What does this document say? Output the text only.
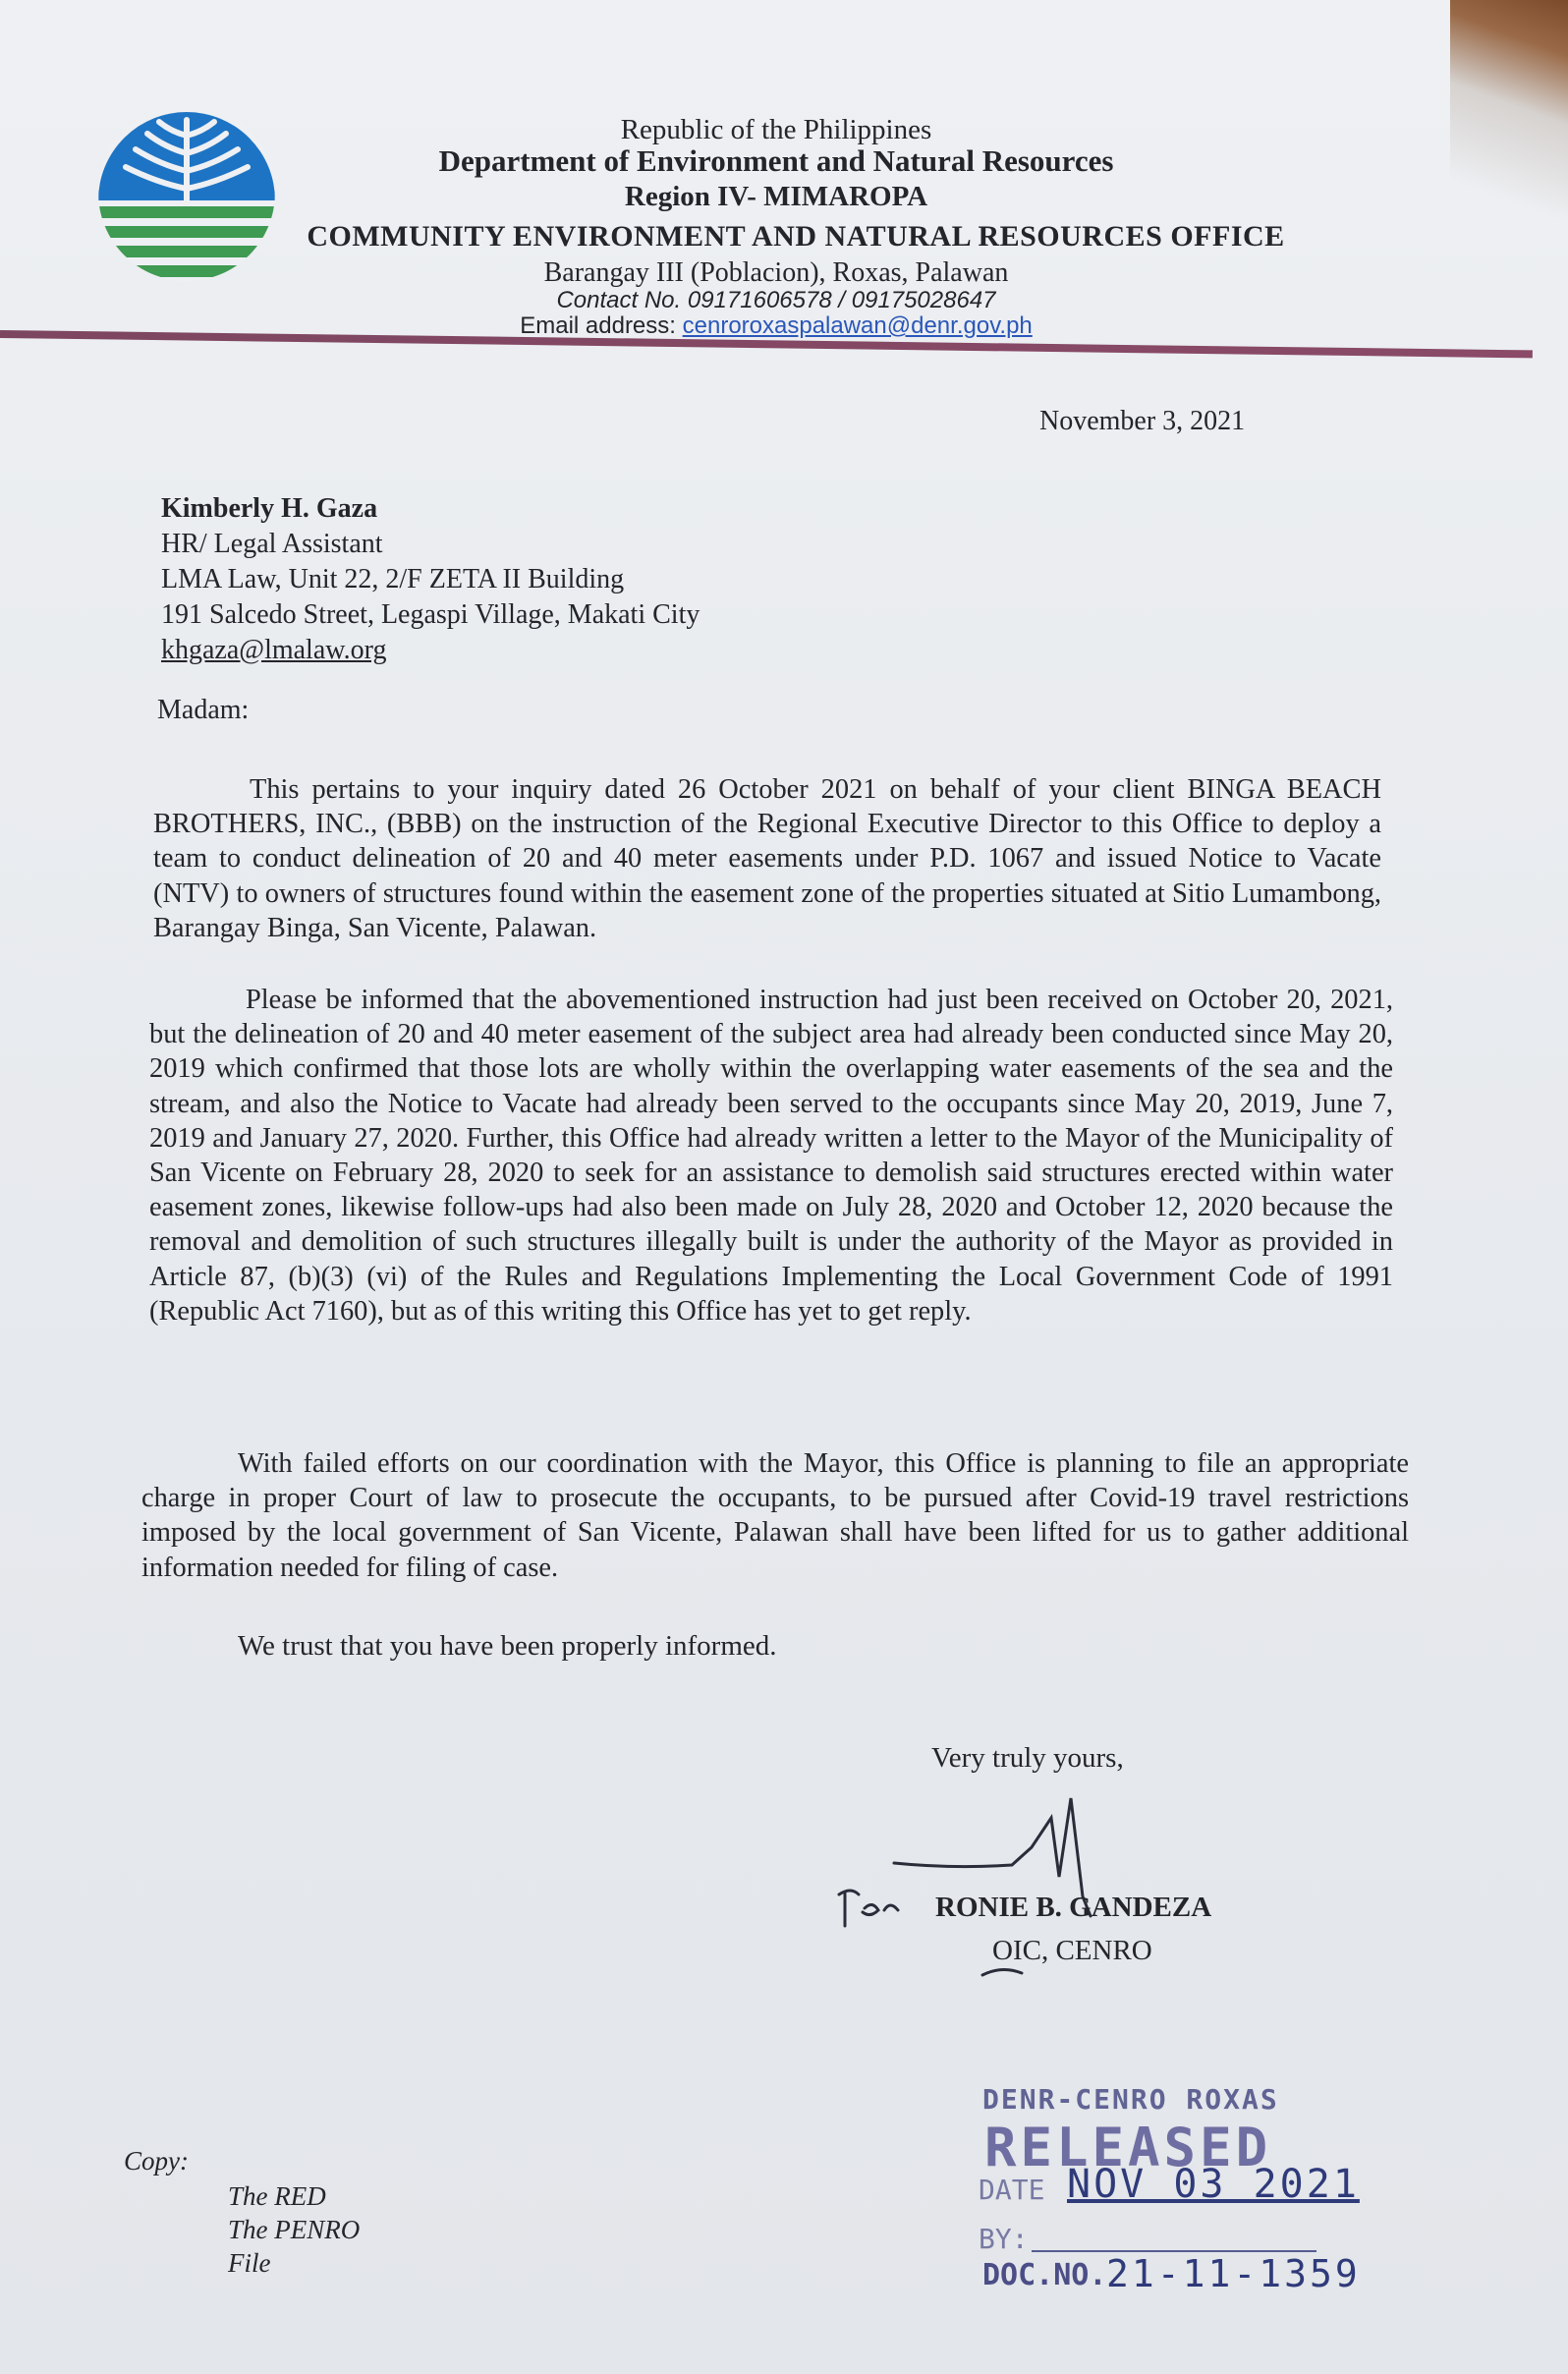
Republic of the Philippines
Department of Environment and Natural Resources
Region IV- MIMAROPA
COMMUNITY ENVIRONMENT AND NATURAL RESOURCES OFFICE
Barangay III (Poblacion), Roxas, Palawan
Contact No. 09171606578 / 09175028647
Email address: cenroroxaspalawan@denr.gov.ph
November 3, 2021
Kimberly H. Gaza
HR/ Legal Assistant
LMA Law, Unit 22, 2/F ZETA II Building
191 Salcedo Street, Legaspi Village, Makati City
khgaza@lmalaw.org
Madam:
This pertains to your inquiry dated 26 October 2021 on behalf of your client BINGA BEACH BROTHERS, INC., (BBB) on the instruction of the Regional Executive Director to this Office to deploy a team to conduct delineation of 20 and 40 meter easements under P.D. 1067 and issued Notice to Vacate (NTV) to owners of structures found within the easement zone of the properties situated at Sitio Lumambong, Barangay Binga, San Vicente, Palawan.
Please be informed that the abovementioned instruction had just been received on October 20, 2021, but the delineation of 20 and 40 meter easement of the subject area had already been conducted since May 20, 2019 which confirmed that those lots are wholly within the overlapping water easements of the sea and the stream, and also the Notice to Vacate had already been served to the occupants since May 20, 2019, June 7, 2019 and January 27, 2020. Further, this Office had already written a letter to the Mayor of the Municipality of San Vicente on February 28, 2020 to seek for an assistance to demolish said structures erected within water easement zones, likewise follow-ups had also been made on July 28, 2020 and October 12, 2020 because the removal and demolition of such structures illegally built is under the authority of the Mayor as provided in Article 87, (b)(3) (vi) of the Rules and Regulations Implementing the Local Government Code of 1991 (Republic Act 7160), but as of this writing this Office has yet to get reply.
With failed efforts on our coordination with the Mayor, this Office is planning to file an appropriate charge in proper Court of law to prosecute the occupants, to be pursued after Covid-19 travel restrictions imposed by the local government of San Vicente, Palawan shall have been lifted for us to gather additional information needed for filing of case.
We trust that you have been properly informed.
Very truly yours,
RONIE B. GANDEZA
OIC, CENRO
Copy:
The RED
The PENRO
File
DENR-CENRO ROXAS
RELEASED
DATE NOV 03 2021
BY:
DOC.NO. 21-11-1359
